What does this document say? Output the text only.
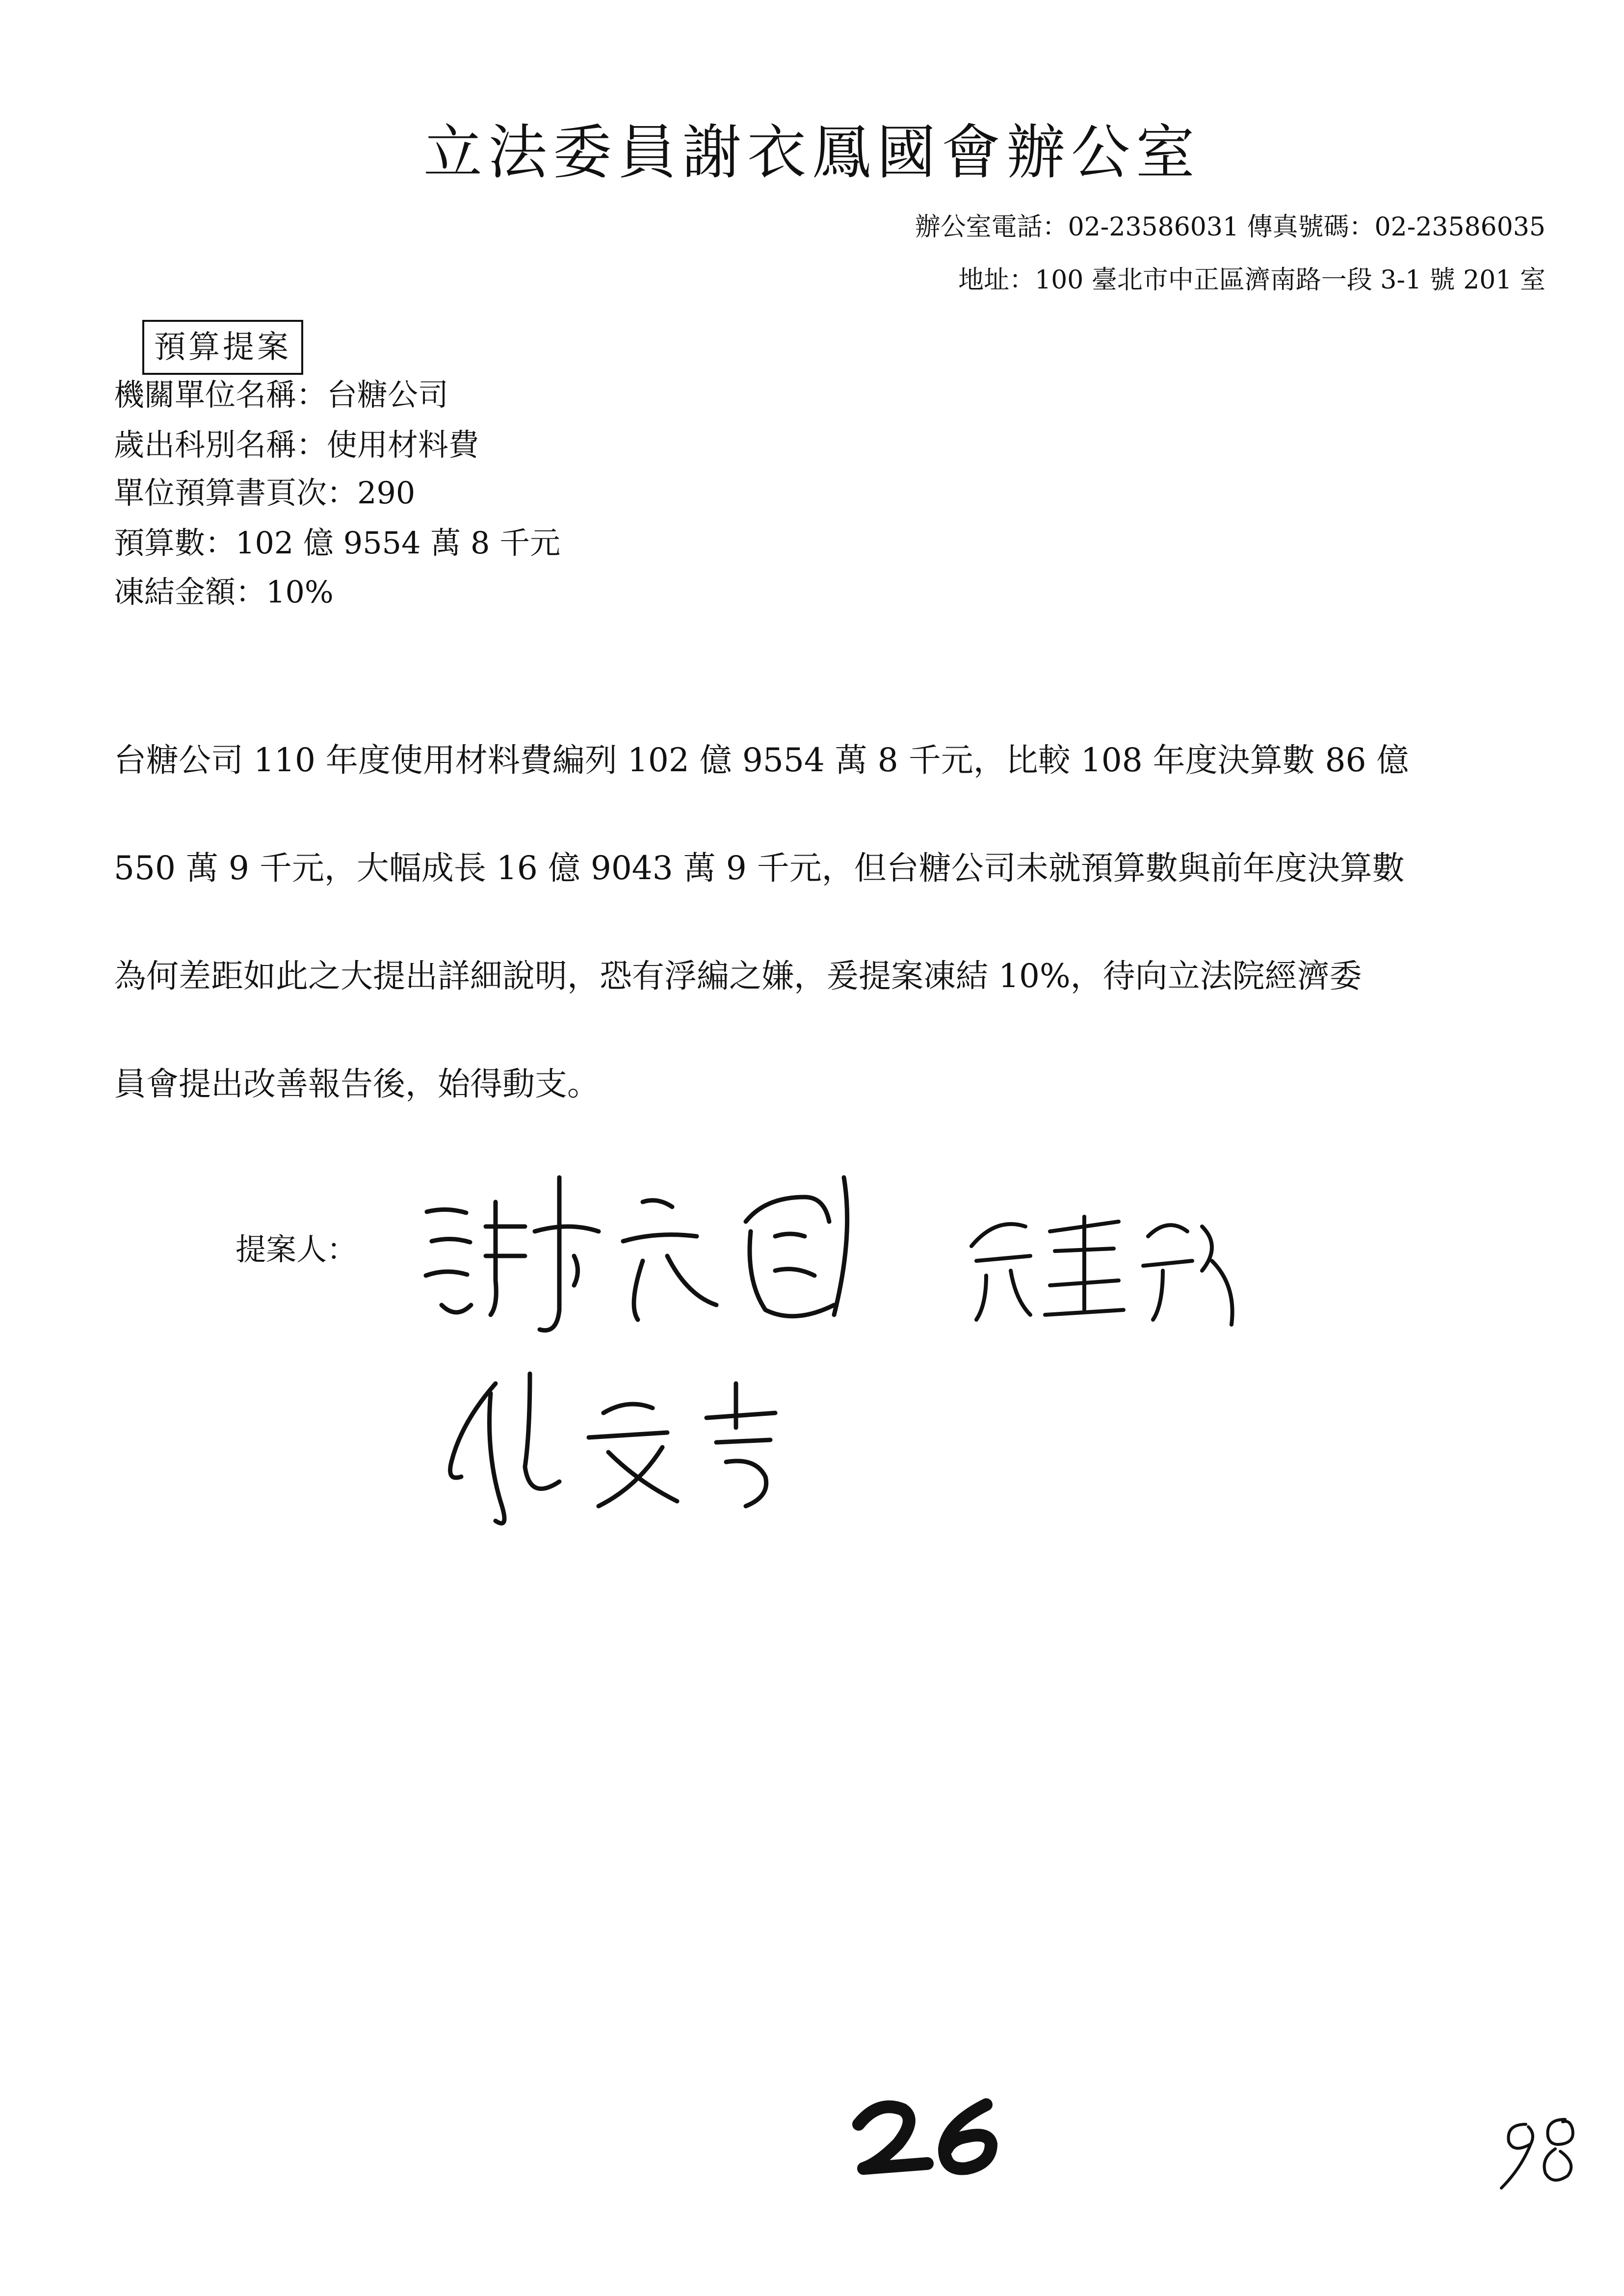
立法委員謝衣鳳國會辦公室
辦公室電話：02-23586031 傳真號碼：02-23586035
地址：100 臺北市中正區濟南路一段 3-1 號 201 室
預算提案
機關單位名稱：台糖公司
歲出科別名稱：使用材料費
單位預算書頁次：290
預算數：102 億 9554 萬 8 千元
凍結金額：10%
台糖公司 110 年度使用材料費編列 102 億 9554 萬 8 千元，比較 108 年度決算數 86 億
550 萬 9 千元，大幅成長 16 億 9043 萬 9 千元，但台糖公司未就預算數與前年度決算數
為何差距如此之大提出詳細說明，恐有浮編之嫌，爰提案凍結 10%，待向立法院經濟委
員會提出改善報告後，始得動支。
提案人：
